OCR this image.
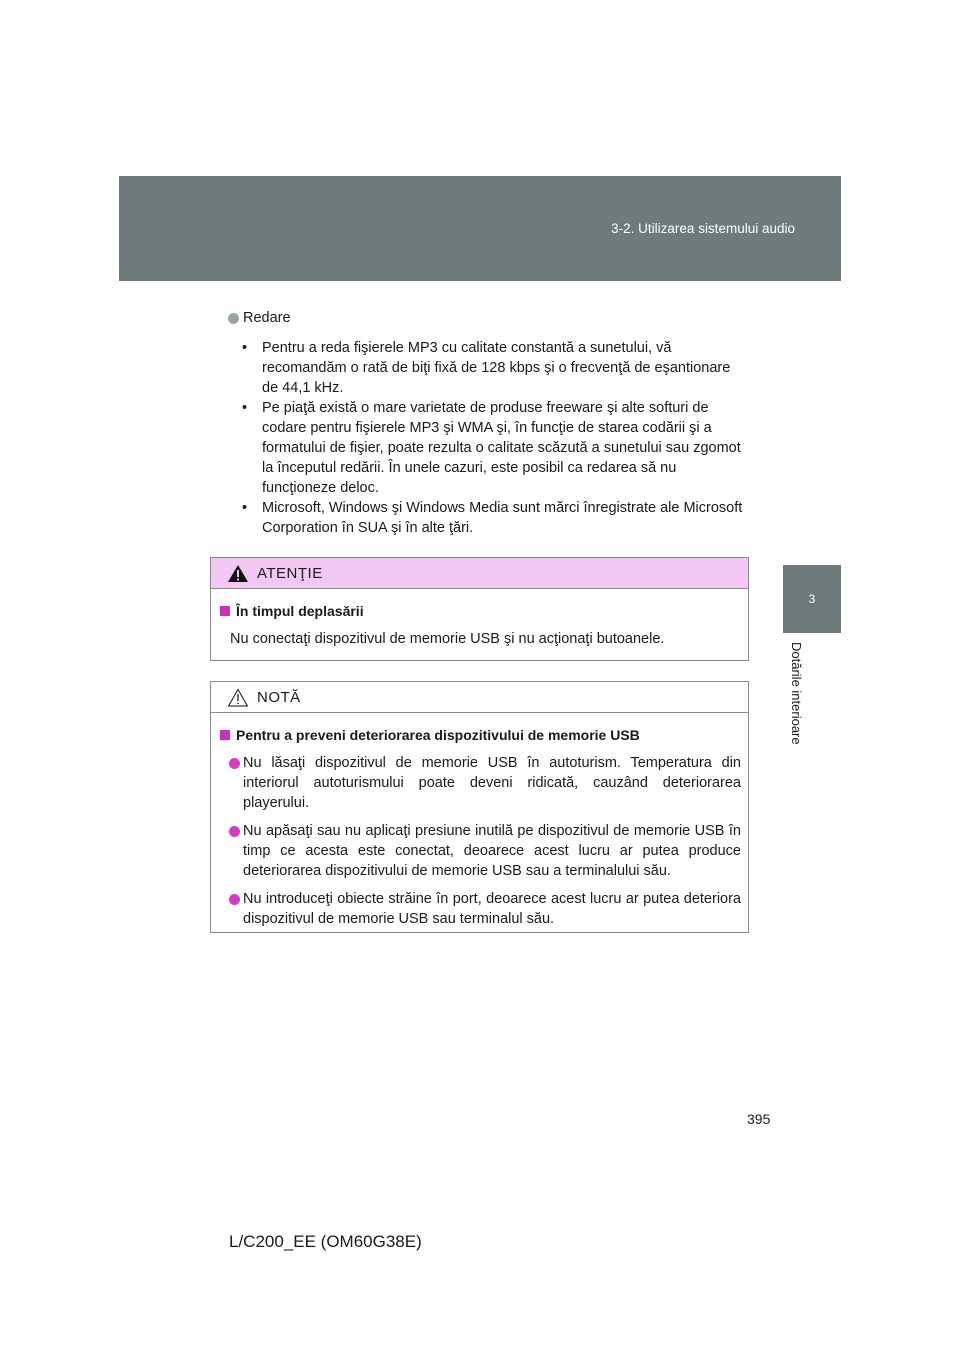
3-2. Utilizarea sistemului audio
3
Dotările interioare
Redare
• Pentru a reda fişierele MP3 cu calitate constantă a sunetului, vă recomandăm o rată de biţi fixă de 128 kbps şi o frecvenţă de eşantionare de 44,1 kHz.
• Pe piaţă există o mare varietate de produse freeware şi alte softuri de codare pentru fişierele MP3 şi WMA şi, în funcţie de starea codării şi a formatului de fişier, poate rezulta o calitate scăzută a sunetului sau zgomot la începutul redării. În unele cazuri, este posibil ca redarea să nu funcţioneze deloc.
• Microsoft, Windows şi Windows Media sunt mărci înregistrate ale Microsoft Corporation în SUA şi în alte ţări.
ATENŢIE
În timpul deplasării
Nu conectaţi dispozitivul de memorie USB şi nu acţionaţi butoanele.
NOTĂ
Pentru a preveni deteriorarea dispozitivului de memorie USB
Nu lăsaţi dispozitivul de memorie USB în autoturism. Temperatura din interiorul autoturismului poate deveni ridicată, cauzând deteriorarea playerului.
Nu apăsaţi sau nu aplicaţi presiune inutilă pe dispozitivul de memorie USB în timp ce acesta este conectat, deoarece acest lucru ar putea produce deteriorarea dispozitivului de memorie USB sau a terminalului său.
Nu introduceţi obiecte străine în port, deoarece acest lucru ar putea deteriora dispozitivul de memorie USB sau terminalul său.
395
L/C200_EE (OM60G38E)
